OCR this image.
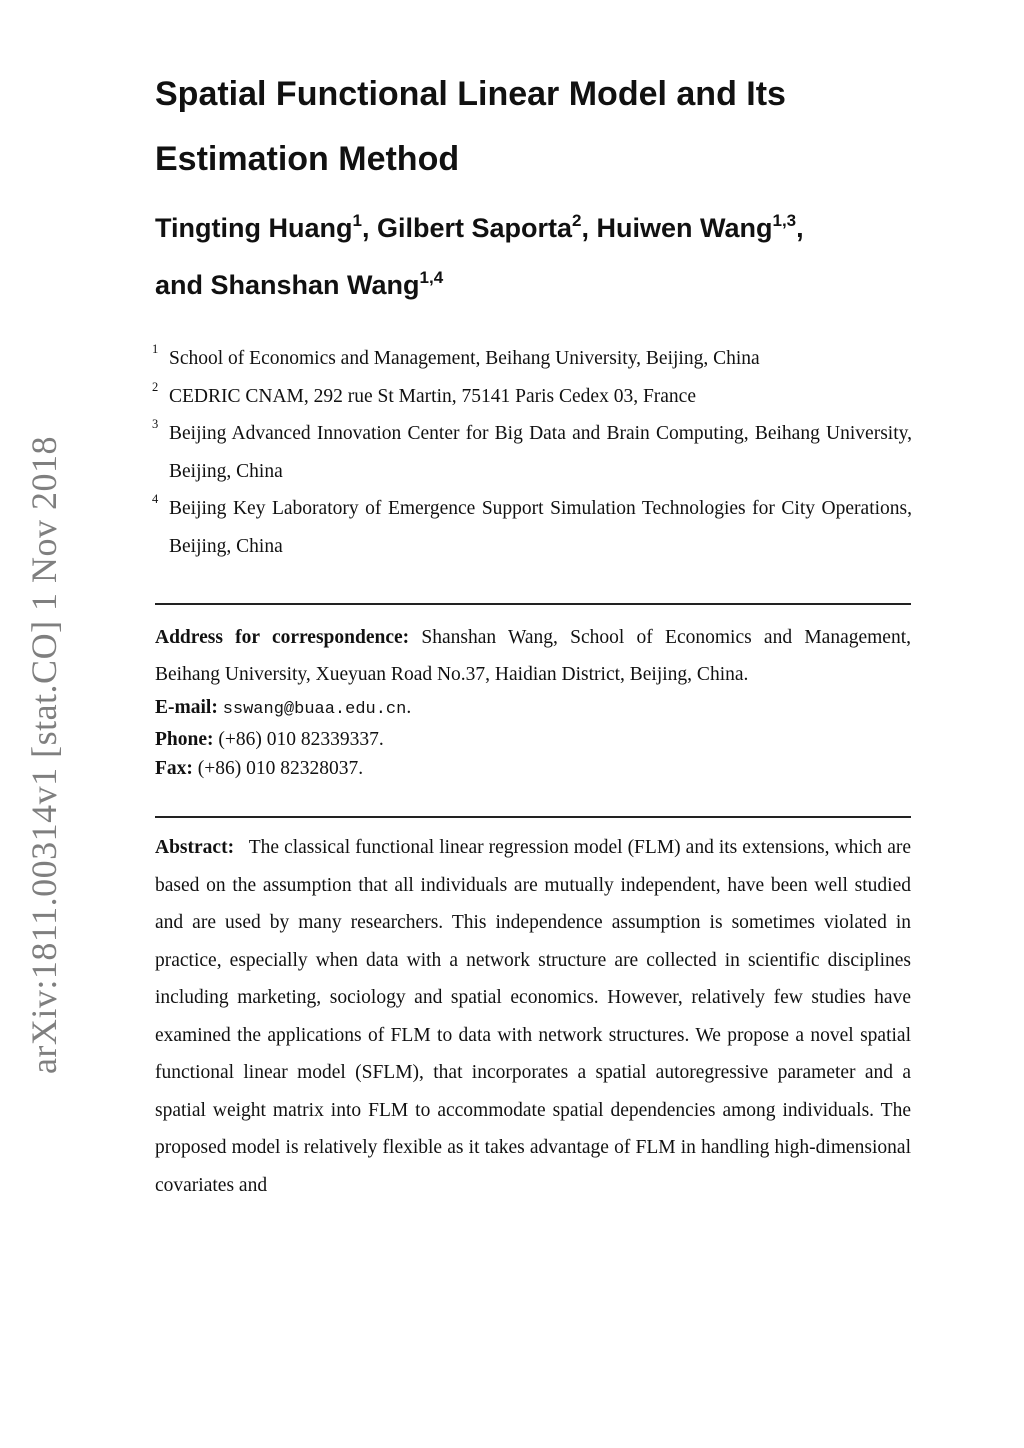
arXiv:1811.00314v1 [stat.CO] 1 Nov 2018
Spatial Functional Linear Model and Its Estimation Method
Tingting Huang$^1$, Gilbert Saporta$^2$, Huiwen Wang$^{1,3}$,
and Shanshan Wang$^{1,4}$
1 School of Economics and Management, Beihang University, Beijing, China
2 CEDRIC CNAM, 292 rue St Martin, 75141 Paris Cedex 03, France
3 Beijing Advanced Innovation Center for Big Data and Brain Computing, Beihang University, Beijing, China
4 Beijing Key Laboratory of Emergence Support Simulation Technologies for City Operations, Beijing, China
Address for correspondence: Shanshan Wang, School of Economics and Management, Beihang University, Xueyuan Road No.37, Haidian District, Beijing, China.
E-mail: sswang@buaa.edu.cn.
Phone: (+86) 010 82339337.
Fax: (+86) 010 82328037.

Abstract: The classical functional linear regression model (FLM) and its extensions, which are based on the assumption that all individuals are mutually independent, have been well studied and are used by many researchers. This independence assumption is sometimes violated in practice, especially when data with a network structure are collected in scientific disciplines including marketing, sociology and spatial economics. However, relatively few studies have examined the applications of FLM to data with network structures. We propose a novel spatial functional linear model (SFLM), that incorporates a spatial autoregressive parameter and a spatial weight matrix into FLM to accommodate spatial dependencies among individuals. The proposed model is relatively flexible as it takes advantage of FLM in handling high-dimensional covariates and
